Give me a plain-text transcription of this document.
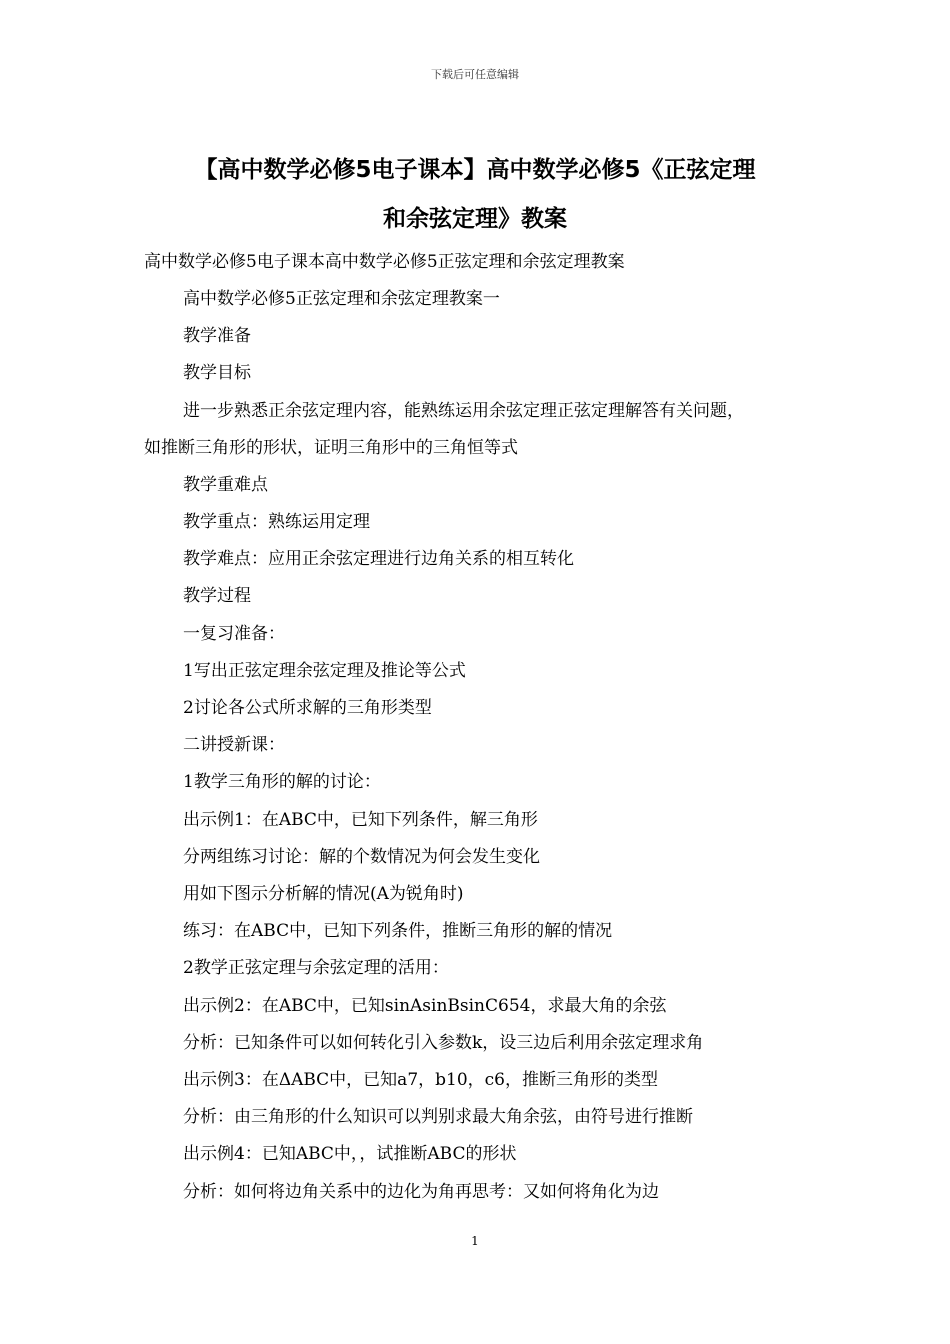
下载后可任意编辑
【高中数学必修5电子课本】高中数学必修5《正弦定理
和余弦定理》教案
高中数学必修5电子课本高中数学必修5正弦定理和余弦定理教案
高中数学必修5正弦定理和余弦定理教案一
教学准备
教学目标
进一步熟悉正余弦定理内容，能熟练运用余弦定理正弦定理解答有关问题，
如推断三角形的形状，证明三角形中的三角恒等式
教学重难点
教学重点：熟练运用定理
教学难点：应用正余弦定理进行边角关系的相互转化
教学过程
一复习准备：
1写出正弦定理余弦定理及推论等公式
2讨论各公式所求解的三角形类型
二讲授新课：
1教学三角形的解的讨论：
出示例1：在ABC中，已知下列条件，解三角形
分两组练习讨论：解的个数情况为何会发生变化
用如下图示分析解的情况(A为锐角时)
练习：在ABC中，已知下列条件，推断三角形的解的情况
2教学正弦定理与余弦定理的活用：
出示例2：在ABC中，已知sinAsinBsinC654，求最大角的余弦
分析：已知条件可以如何转化引入参数k，设三边后利用余弦定理求角
出示例3：在ΔABC中，已知a7，b10，c6，推断三角形的类型
分析：由三角形的什么知识可以判别求最大角余弦，由符号进行推断
出示例4：已知ABC中，，试推断ABC的形状
分析：如何将边角关系中的边化为角再思考：又如何将角化为边
1
